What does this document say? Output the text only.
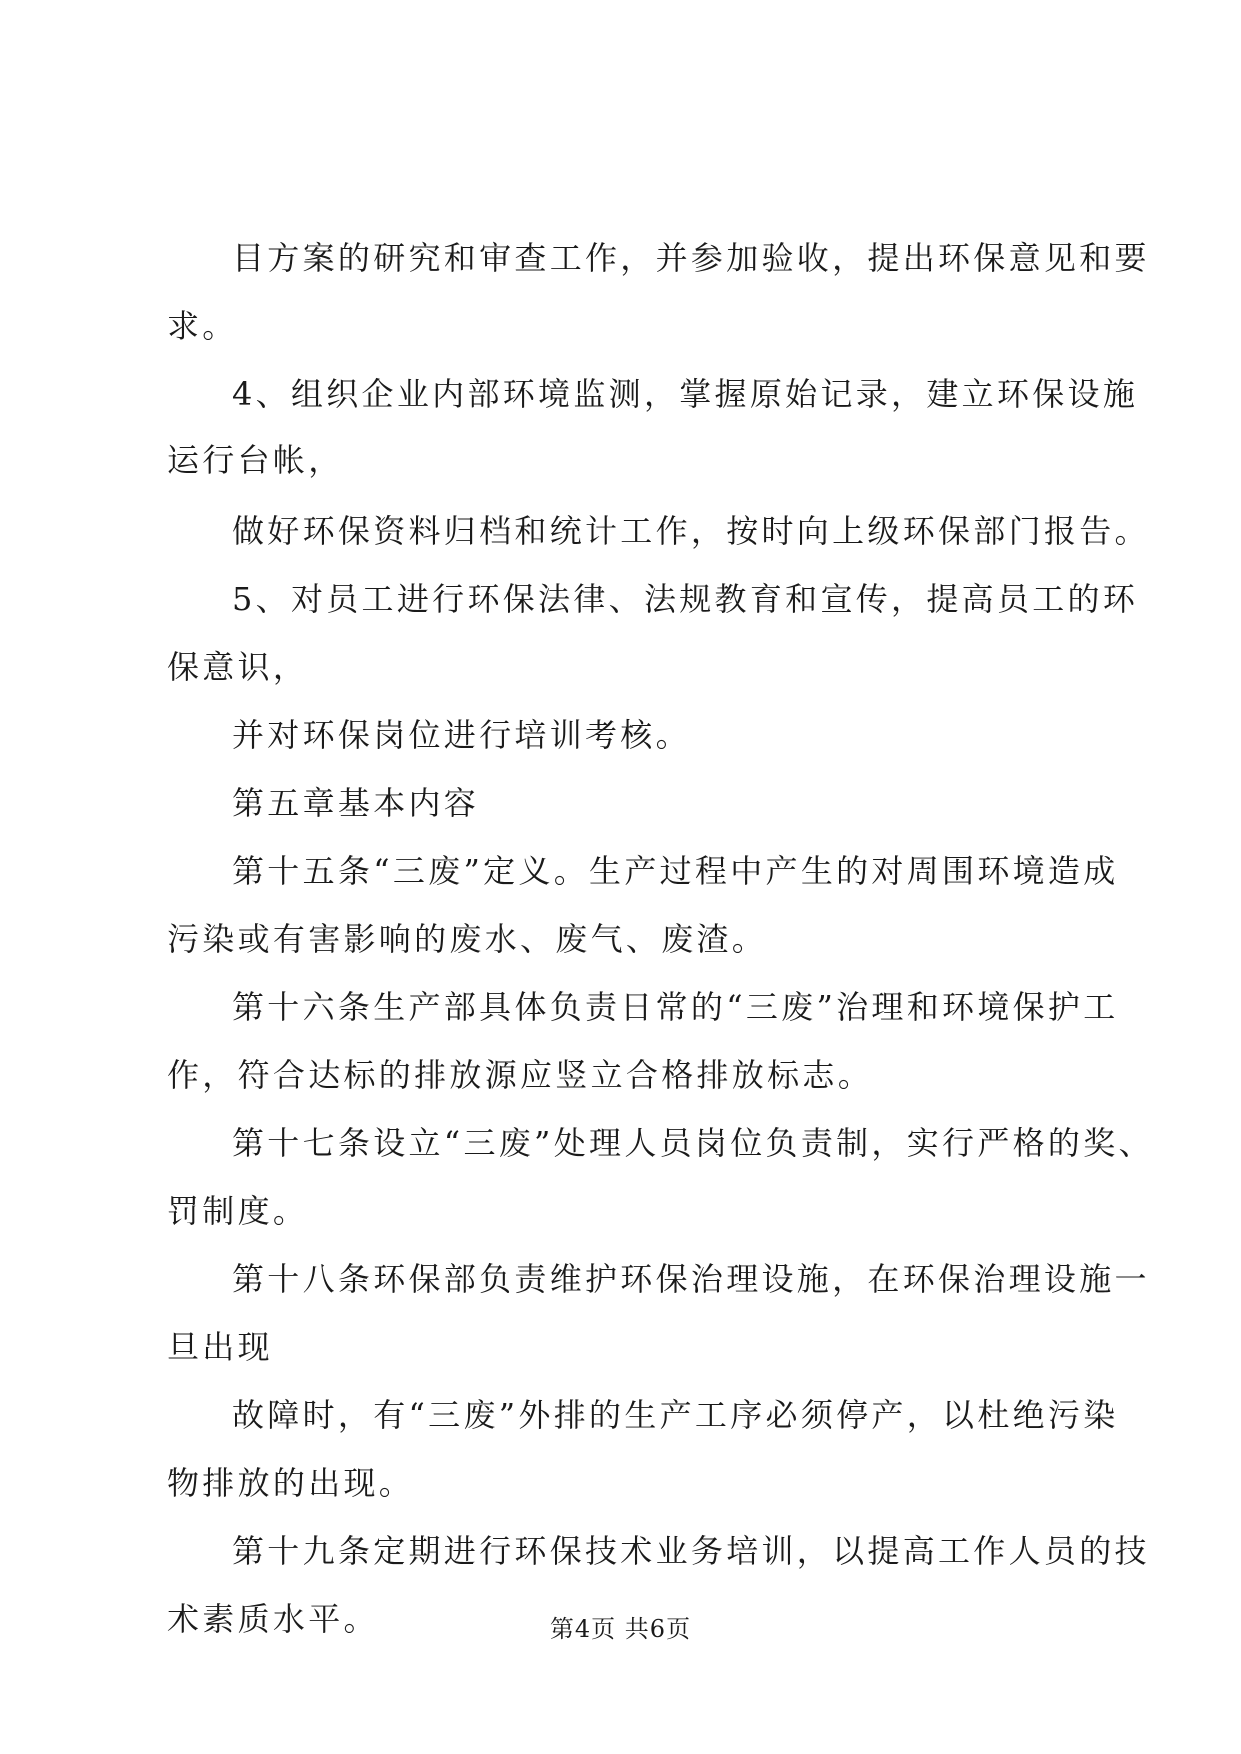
目方案的研究和审查工作，并参加验收，提出环保意见和要
求。
4、组织企业内部环境监测，掌握原始记录，建立环保设施
运行台帐，
做好环保资料归档和统计工作，按时向上级环保部门报告。
5、对员工进行环保法律、法规教育和宣传，提高员工的环
保意识，
并对环保岗位进行培训考核。
第五章基本内容
第十五条“三废”定义。生产过程中产生的对周围环境造成
污染或有害影响的废水、废气、废渣。
第十六条生产部具体负责日常的“三废”治理和环境保护工
作，符合达标的排放源应竖立合格排放标志。
第十七条设立“三废”处理人员岗位负责制，实行严格的奖、
罚制度。
第十八条环保部负责维护环保治理设施，在环保治理设施一
旦出现
故障时，有“三废”外排的生产工序必须停产，以杜绝污染
物排放的出现。
第十九条定期进行环保技术业务培训，以提高工作人员的技
术素质水平。	第4页 共6页
